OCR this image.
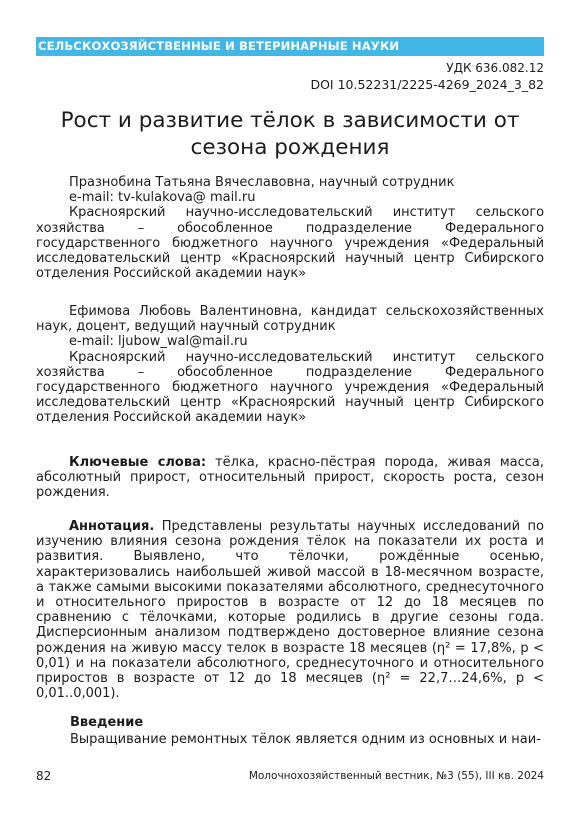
СЕЛЬСКОХОЗЯЙСТВЕННЫЕ И ВЕТЕРИНАРНЫЕ НАУКИ
УДК 636.082.12
DOI 10.52231/2225-4269_2024_3_82
Рост и развитие тёлок в зависимости от
сезона рождения

Празнобина Татьяна Вячеславовна, научный сотрудник

e-mail: tv-kulakova@ mail.ru

Красноярский научно-исследовательский институт сельского хозяйства – обособленное подразделение Федерального государственного бюджетного научного учреждения «Федеральный исследовательский центр «Красноярский научный центр Сибирского отделения Российской академии наук»

Ефимова Любовь Валентиновна, кандидат сельскохозяйственных наук, доцент, ведущий научный сотрудник

e-mail: ljubow_wal@mail.ru

Красноярский научно-исследовательский институт сельского хозяйства – обособленное подразделение Федерального государственного бюджетного научного учреждения «Федеральный исследовательский центр «Красноярский научный центр Сибирского отделения Российской академии наук»

Ключевые слова: тёлка, красно-пёстрая порода, живая масса, абсолютный прирост, относительный прирост, скорость роста, сезон рождения.

Аннотация. Представлены результаты научных исследований по изучению влияния сезона рождения тёлок на показатели их роста и развития. Выявлено, что тёлочки, рождённые осенью, характеризовались наибольшей живой массой в 18-месячном возрасте, а также самыми высокими показателями абсолютного, среднесуточного и относительного приростов в возрасте от 12 до 18 месяцев по сравнению с тёлочками, которые родились в другие сезоны года. Дисперсионным анализом подтверждено достоверное влияние сезона рождения на живую массу телок в возрасте 18 месяцев (η² = 17,8%, p < 0,01) и на показатели абсолютного, среднесуточного и относительного приростов в возрасте от 12 до 18 месяцев (η² = 22,7…24,6%, p < 0,01..0,001).

Введение
Выращивание ремонтных тёлок является одним из основных и наи-
82	Молочнохозяйственный вестник, №3 (55), III кв. 2024
